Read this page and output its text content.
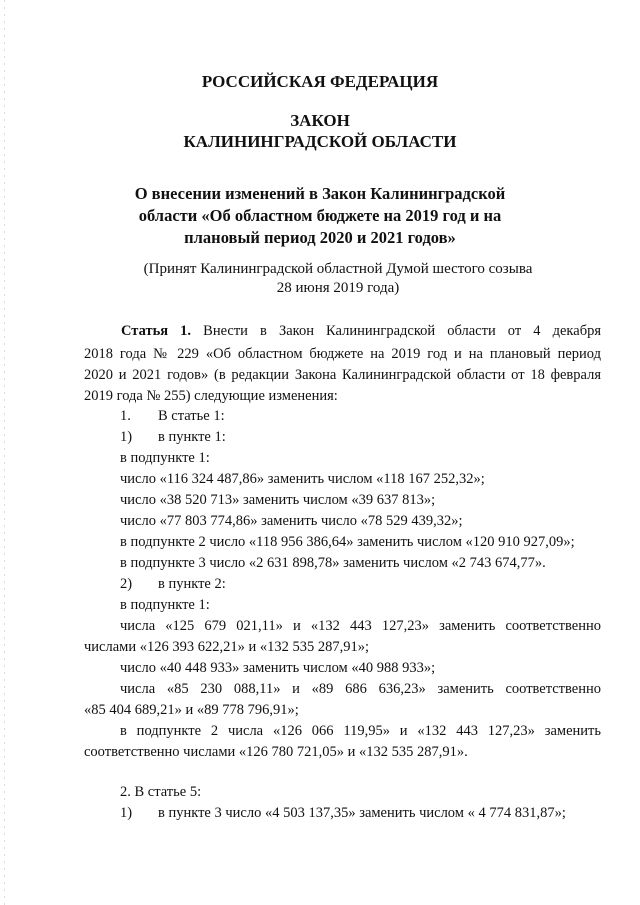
РОССИЙСКАЯ ФЕДЕРАЦИЯ
ЗАКОН
КАЛИНИНГРАДСКОЙ ОБЛАСТИ
О внесении изменений в Закон Калининградской
области «Об областном бюджете на 2019 год и на
плановый период 2020 и 2021 годов»
(Принят Калининградской областной Думой шестого созыва
28 июня 2019 года)
Статья 1. Внести в Закон Калининградской области от 4 декабря
2018 года № 229 «Об областном бюджете на 2019 год и на плановый период
2020 и 2021 годов» (в редакции Закона Калининградской области от 18 февраля
2019 года № 255) следующие изменения:
1. В статье 1:
1) в пункте 1:
в подпункте 1:
число «116 324 487,86» заменить числом «118 167 252,32»;
число «38 520 713» заменить числом «39 637 813»;
число «77 803 774,86» заменить число «78 529 439,32»;
в подпункте 2 число «118 956 386,64» заменить числом «120 910 927,09»;
в подпункте 3 число «2 631 898,78» заменить числом «2 743 674,77».
2) в пункте 2:
в подпункте 1:
числа «125 679 021,11» и «132 443 127,23» заменить соответственно
числами «126 393 622,21» и «132 535 287,91»;
число «40 448 933» заменить числом «40 988 933»;
числа «85 230 088,11» и «89 686 636,23» заменить соответственно
«85 404 689,21» и «89 778 796,91»;
в подпункте 2 числа «126 066 119,95» и «132 443 127,23» заменить
соответственно числами «126 780 721,05» и «132 535 287,91».
2. В статье 5:
1) в пункте 3 число «4 503 137,35» заменить числом « 4 774 831,87»;
